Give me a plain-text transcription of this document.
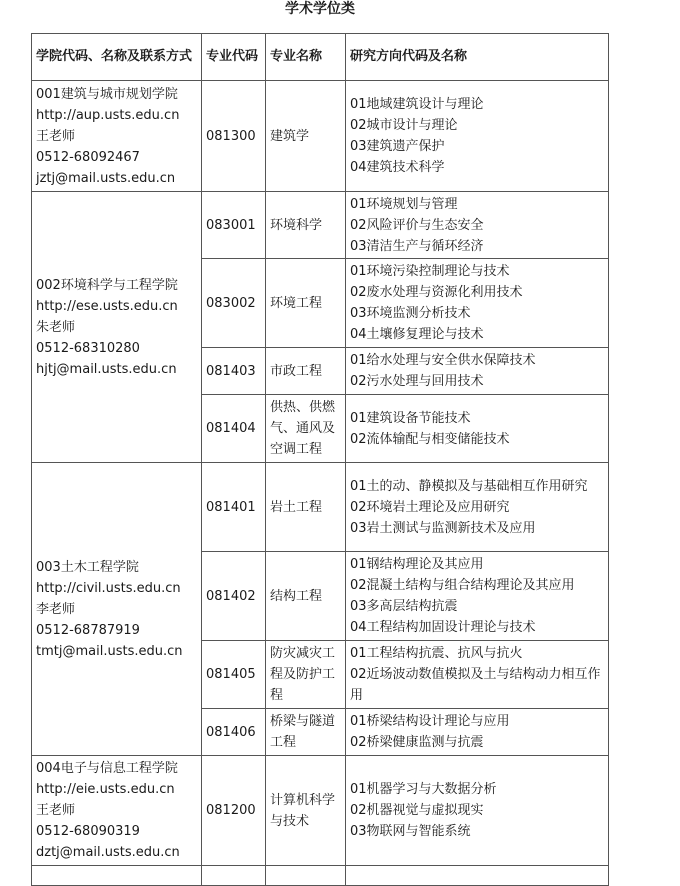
学术学位类
学院代码、名称及联系方式	专业代码	专业名称	研究方向代码及名称

001建筑与城市规划学院
http://aup.usts.edu.cn
王老师
0512-68092467
jztj@mail.usts.edu.cn	081300	建筑学	01地域建筑设计与理论
02城市设计与理论
03建筑遗产保护
04建筑技术科学

002环境科学与工程学院
http://ese.usts.edu.cn
朱老师
0512-68310280
hjtj@mail.usts.edu.cn	083001	环境科学	01环境规划与管理
02风险评价与生态安全
03清洁生产与循环经济

	083002	环境工程	01环境污染控制理论与技术
02废水处理与资源化利用技术
03环境监测分析技术
04土壤修复理论与技术

	081403	市政工程	01给水处理与安全供水保障技术
02污水处理与回用技术

	081404	供热、供燃气、通风及空调工程	01建筑设备节能技术
02流体输配与相变储能技术

003土木工程学院
http://civil.usts.edu.cn
李老师
0512-68787919
tmtj@mail.usts.edu.cn	081401	岩土工程	01土的动、静模拟及与基础相互作用研究
02环境岩土理论及应用研究
03岩土测试与监测新技术及应用

	081402	结构工程	01钢结构理论及其应用
02混凝土结构与组合结构理论及其应用
03多高层结构抗震
04工程结构加固设计理论与技术

	081405	防灾减灾工程及防护工程	01工程结构抗震、抗风与抗火
02近场波动数值模拟及土与结构动力相互作用

	081406	桥梁与隧道工程	01桥梁结构设计理论与应用
02桥梁健康监测与抗震

004电子与信息工程学院
http://eie.usts.edu.cn
王老师
0512-68090319
dztj@mail.usts.edu.cn	081200	计算机科学与技术	01机器学习与大数据分析
02机器视觉与虚拟现实
03物联网与智能系统
